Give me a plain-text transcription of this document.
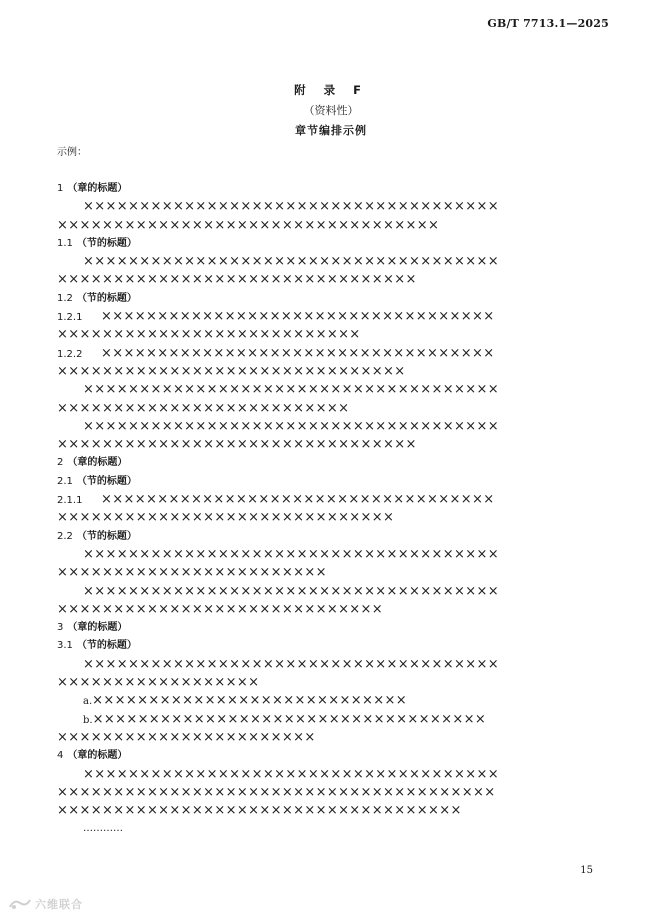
GB/T 7713.1—2025
附 录 F
（资料性）
章节编排示例
示例：
1 （章的标题）
×××××××××××××××××××××××××××××××××××××
××××××××××××××××××××××××××××××××××
1.1 （节的标题）
×××××××××××××××××××××××××××××××××××××
××××××××××××××××××××××××××××××××
1.2 （节的标题）
1.2.1 ×××××××××××××××××××××××××××××××××××
×××××××××××××××××××××××××××
1.2.2 ×××××××××××××××××××××××××××××××××××
×××××××××××××××××××××××××××××××
×××××××××××××××××××××××××××××××××××××
××××××××××××××××××××××××××
×××××××××××××××××××××××××××××××××××××
××××××××××××××××××××××××××××××××
2 （章的标题）
2.1 （节的标题）
2.1.1 ×××××××××××××××××××××××××××××××××××
××××××××××××××××××××××××××××××
2.2 （节的标题）
×××××××××××××××××××××××××××××××××××××
××××××××××××××××××××××××
×××××××××××××××××××××××××××××××××××××
×××××××××××××××××××××××××××××
3 （章的标题）
3.1 （节的标题）
×××××××××××××××××××××××××××××××××××××
××××××××××××××××××
a.××××××××××××××××××××××××××××
b.×××××××××××××××××××××××××××××××××××
×××××××××××××××××××××××
4 （章的标题）
×××××××××××××××××××××××××××××××××××××
×××××××××××××××××××××××××××××××××××××××
××××××××××××××××××××××××××××××××××××
…………
15
六维联合
